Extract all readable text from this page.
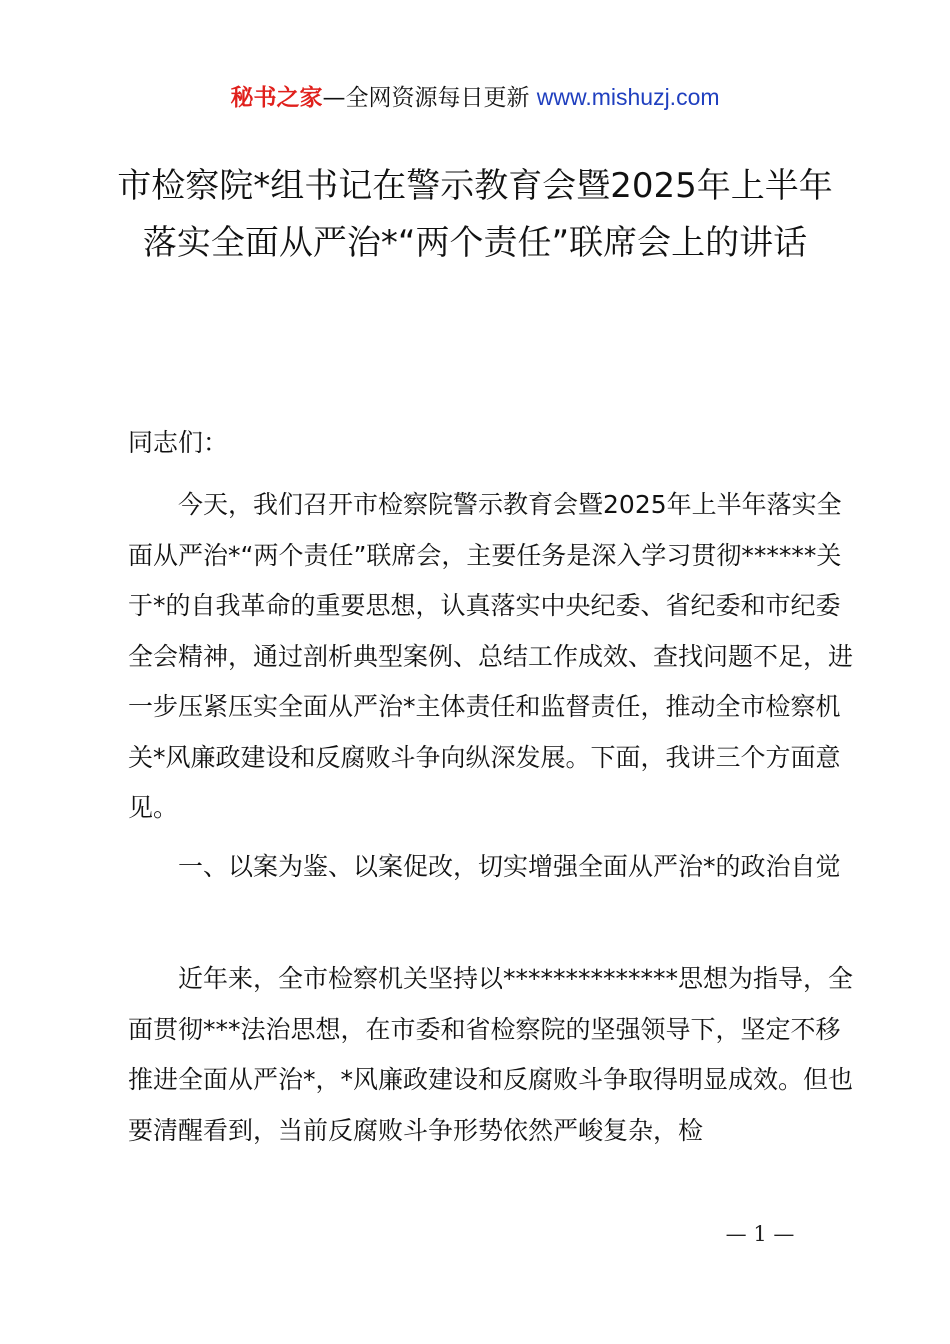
秘书之家—全网资源每日更新 www.mishuzj.com
市检察院*组书记在警示教育会暨2025年上半年落实全面从严治*“两个责任”联席会上的讲话

同志们：

今天，我们召开市检察院警示教育会暨2025年上半年落实全面从严治*“两个责任”联席会，主要任务是深入学习贯彻******关于*的自我革命的重要思想，认真落实中央纪委、省纪委和市纪委全会精神，通过剖析典型案例、总结工作成效、查找问题不足，进一步压紧压实全面从严治*主体责任和监督责任，推动全市检察机关*风廉政建设和反腐败斗争向纵深发展。下面，我讲三个方面意见。

一、以案为鉴、以案促改，切实增强全面从严治*的政治自觉

近年来，全市检察机关坚持以**************思想为指导，全面贯彻***法治思想，在市委和省检察院的坚强领导下，坚定不移推进全面从严治*，*风廉政建设和反腐败斗争取得明显成效。但也要清醒看到，当前反腐败斗争形势依然严峻复杂，检

— 1 —
